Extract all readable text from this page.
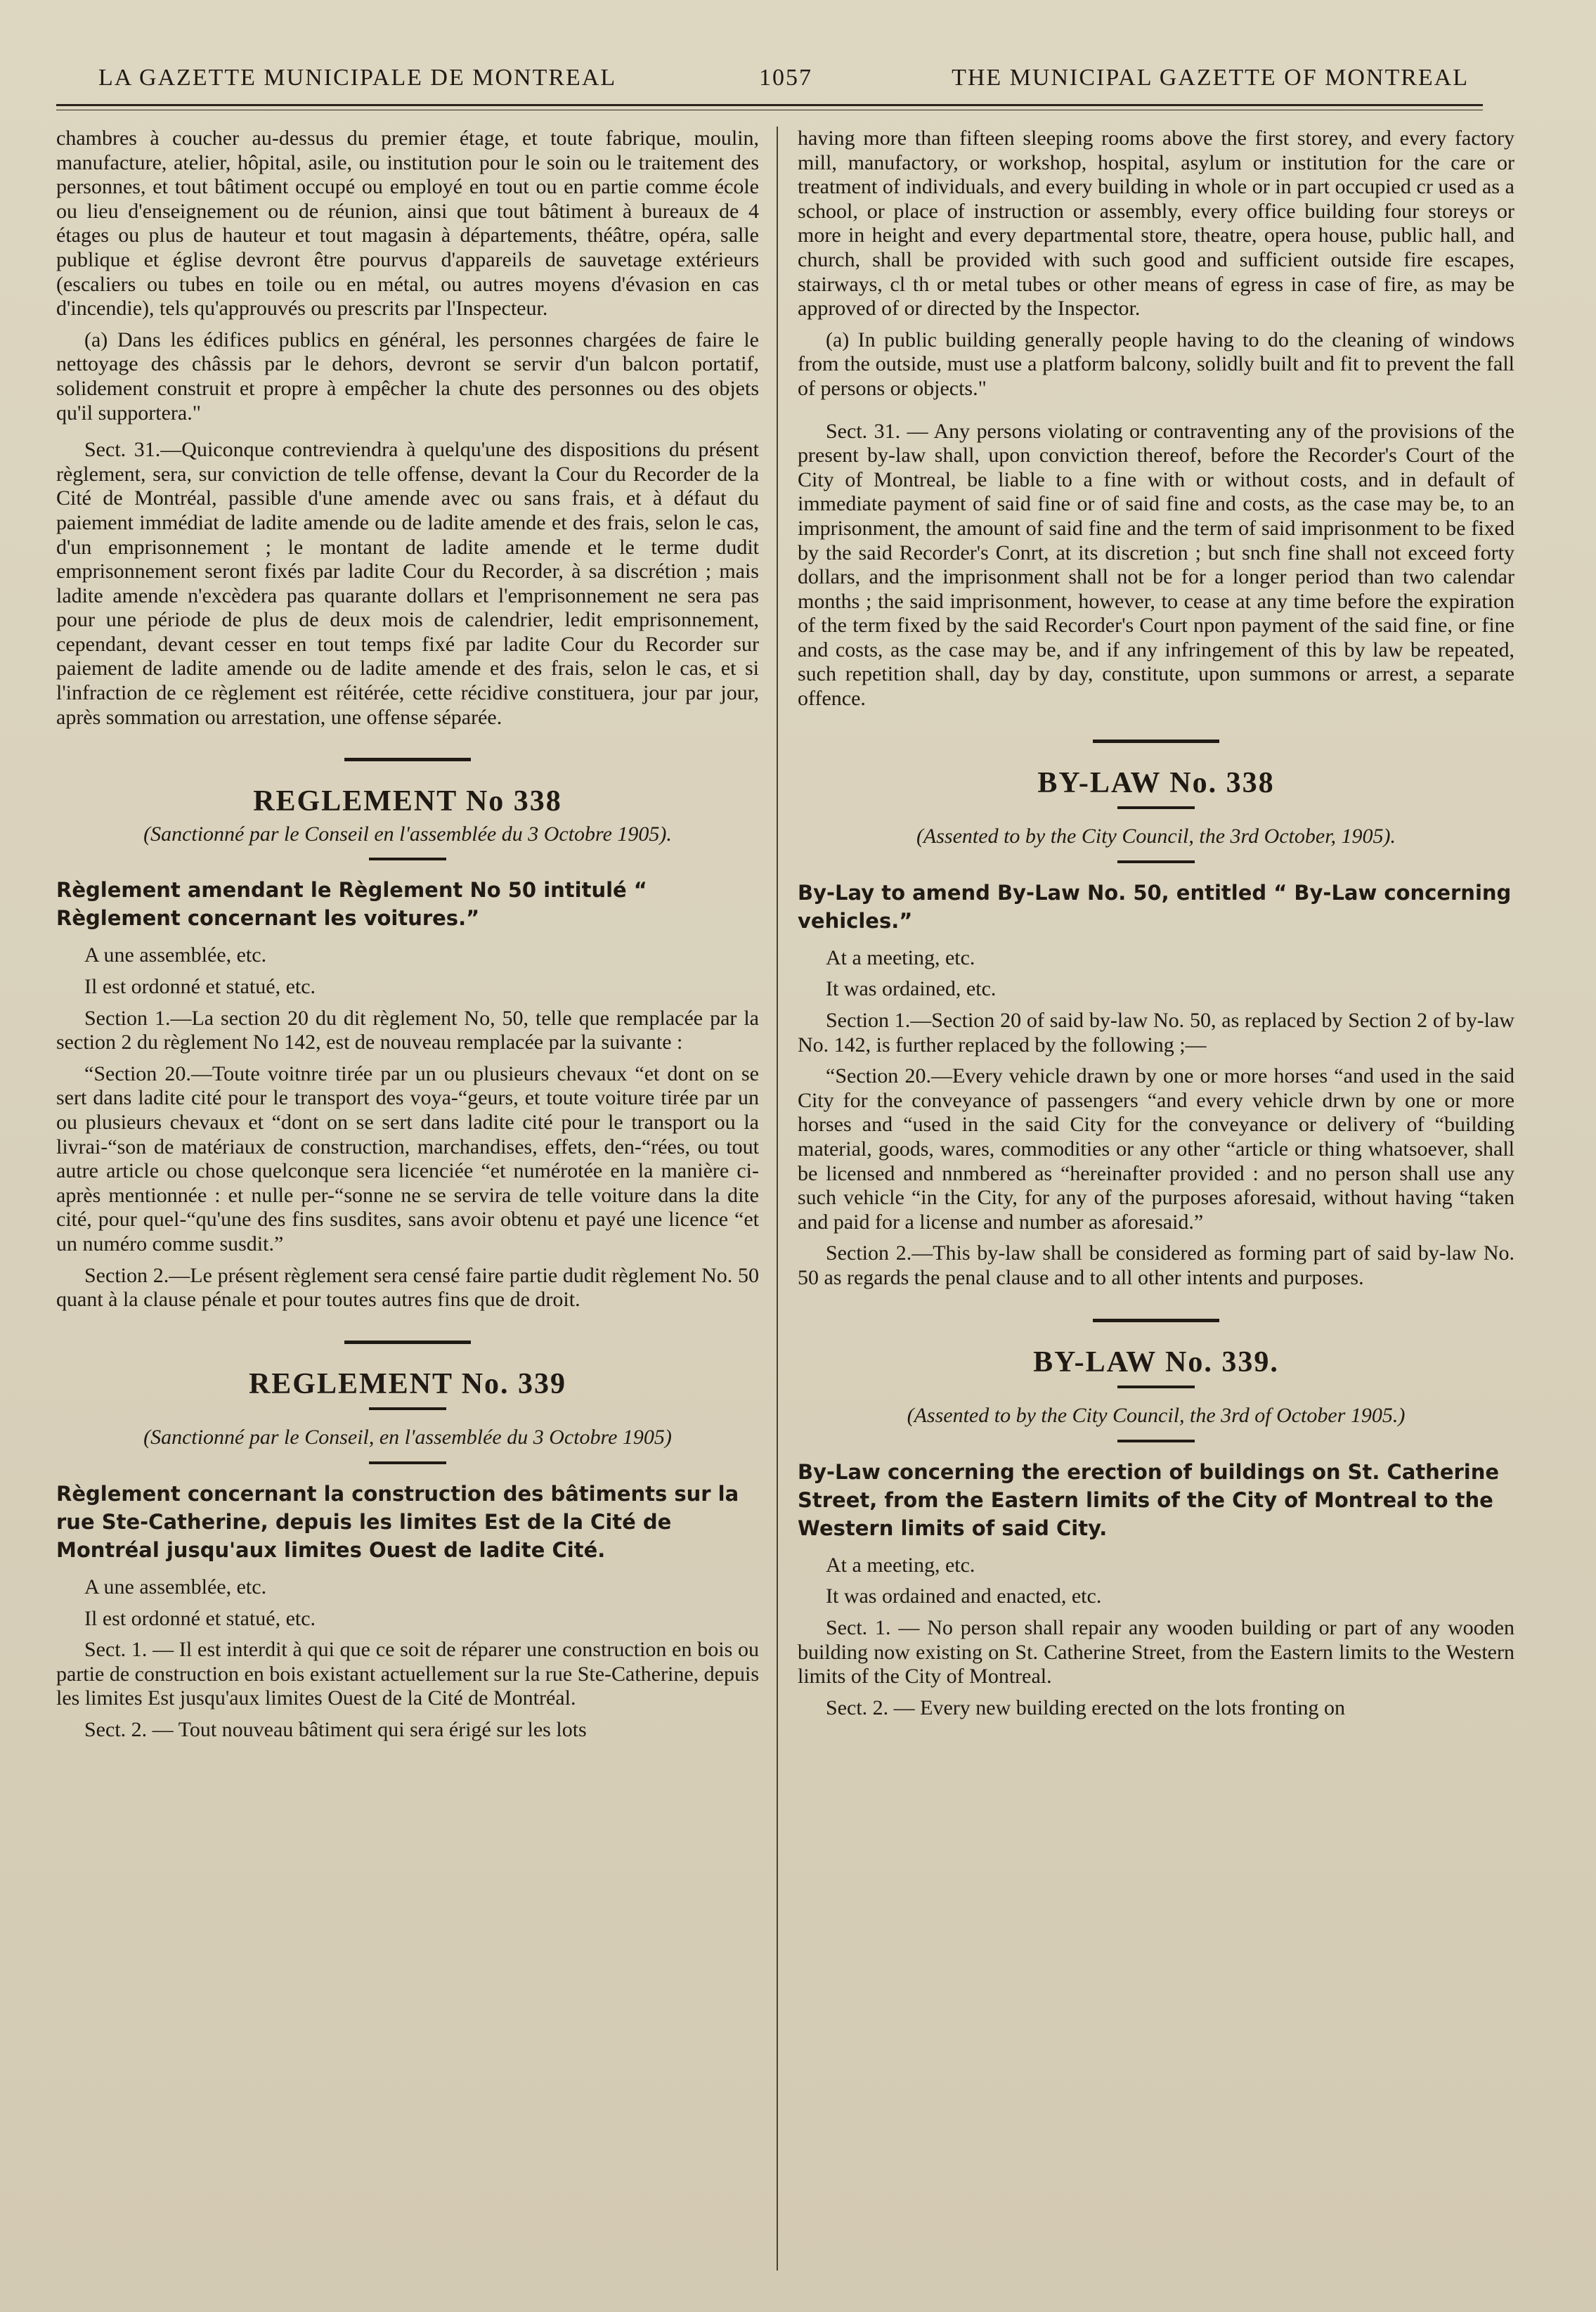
LA GAZETTE MUNICIPALE DE MONTREAL	1057	THE MUNICIPAL GAZETTE OF MONTREAL

chambres à coucher au-dessus du premier étage, et toute fabrique, moulin, manufacture, atelier, hôpital, asile, ou institution pour le soin ou le traitement des personnes, et tout bâtiment occupé ou employé en tout ou en partie comme école ou lieu d'enseignement ou de réunion, ainsi que tout bâtiment à bureaux de 4 étages ou plus de hauteur et tout magasin à départements, théâtre, opéra, salle publique et église devront être pourvus d'appareils de sauvetage extérieurs (escaliers ou tubes en toile ou en métal, ou autres moyens d'évasion en cas d'incendie), tels qu'approuvés ou prescrits par l'Inspecteur.

(a) Dans les édifices publics en général, les personnes chargées de faire le nettoyage des châssis par le dehors, devront se servir d'un balcon portatif, solidement construit et propre à empêcher la chute des personnes ou des objets qu'il supportera."

Sect. 31.—Quiconque contreviendra à quelqu'une des dispositions du présent règlement, sera, sur conviction de telle offense, devant la Cour du Recorder de la Cité de Montréal, passible d'une amende avec ou sans frais, et à défaut du paiement immédiat de ladite amende ou de ladite amende et des frais, selon le cas, d'un emprisonnement ; le montant de ladite amende et le terme dudit emprisonnement seront fixés par ladite Cour du Recorder, à sa discrétion ; mais ladite amende n'excèdera pas quarante dollars et l'emprisonnement ne sera pas pour une période de plus de deux mois de calendrier, ledit emprisonnement, cependant, devant cesser en tout temps fixé par ladite Cour du Recorder sur paiement de ladite amende ou de ladite amende et des frais, selon le cas, et si l'infraction de ce règlement est réitérée, cette récidive constituera, jour par jour, après sommation ou arrestation, une offense séparée.

REGLEMENT No 338
(Sanctionné par le Conseil en l'assemblée du 3 Octobre 1905).
Règlement amendant le Règlement No 50 intitulé “ Règlement concernant les voitures.”

A une assemblée, etc.

Il est ordonné et statué, etc.

Section 1.—La section 20 du dit règlement No, 50, telle que remplacée par la section 2 du règlement No 142, est de nouveau remplacée par la suivante :

“Section 20.—Toute voitnre tirée par un ou plusieurs chevaux “et dont on se sert dans ladite cité pour le transport des voya-“geurs, et toute voiture tirée par un ou plusieurs chevaux et “dont on se sert dans ladite cité pour le transport ou la livrai-“son de matériaux de construction, marchandises, effets, den-“rées, ou tout autre article ou chose quelconque sera licenciée “et numérotée en la manière ci-après mentionnée : et nulle per-“sonne ne se servira de telle voiture dans la dite cité, pour quel-“qu'une des fins susdites, sans avoir obtenu et payé une licence “et un numéro comme susdit.”

Section 2.—Le présent règlement sera censé faire partie dudit règlement No. 50 quant à la clause pénale et pour toutes autres fins que de droit.

REGLEMENT No. 339
(Sanctionné par le Conseil, en l'assemblée du 3 Octobre 1905)
Règlement concernant la construction des bâtiments sur la rue Ste-Catherine, depuis les limites Est de la Cité de Montréal jusqu'aux limites Ouest de ladite Cité.

A une assemblée, etc.

Il est ordonné et statué, etc.

Sect. 1. — Il est interdit à qui que ce soit de réparer une construction en bois ou partie de construction en bois existant actuellement sur la rue Ste-Catherine, depuis les limites Est jusqu'aux limites Ouest de la Cité de Montréal.

Sect. 2. — Tout nouveau bâtiment qui sera érigé sur les lots

having more than fifteen sleeping rooms above the first storey, and every factory mill, manufactory, or workshop, hospital, asylum or institution for the care or treatment of individuals, and every building in whole or in part occupied cr used as a school, or place of instruction or assembly, every office building four storeys or more in height and every departmental store, theatre, opera house, public hall, and church, shall be provided with such good and sufficient outside fire escapes, stairways, cl th or metal tubes or other means of egress in case of fire, as may be approved of or directed by the Inspector.

(a) In public building generally people having to do the cleaning of windows from the outside, must use a platform balcony, solidly built and fit to prevent the fall of persons or objects."

Sect. 31. — Any persons violating or contraventing any of the provisions of the present by-law shall, upon conviction thereof, before the Recorder's Court of the City of Montreal, be liable to a fine with or without costs, and in default of immediate payment of said fine or of said fine and costs, as the case may be, to an imprisonment, the amount of said fine and the term of said imprisonment to be fixed by the said Recorder's Conrt, at its discretion ; but snch fine shall not exceed forty dollars, and the imprisonment shall not be for a longer period than two calendar months ; the said imprisonment, however, to cease at any time before the expiration of the term fixed by the said Recorder's Court npon payment of the said fine, or fine and costs, as the case may be, and if any infringement of this by law be repeated, such repetition shall, day by day, constitute, upon summons or arrest, a separate offence.

BY-LAW No. 338
(Assented to by the City Council, the 3rd October, 1905).
By-Lay to amend By-Law No. 50, entitled “ By-Law concerning vehicles.”

At a meeting, etc.

It was ordained, etc.

Section 1.—Section 20 of said by-law No. 50, as replaced by Section 2 of by-law No. 142, is further replaced by the following ;—

“Section 20.—Every vehicle drawn by one or more horses “and used in the said City for the conveyance of passengers “and every vehicle drwn by one or more horses and “used in the said City for the conveyance or delivery of “building material, goods, wares, commodities or any other “article or thing whatsoever, shall be licensed and nnmbered as “hereinafter provided : and no person shall use any such vehicle “in the City, for any of the purposes aforesaid, without having “taken and paid for a license and number as aforesaid.”

Section 2.—This by-law shall be considered as forming part of said by-law No. 50 as regards the penal clause and to all other intents and purposes.

BY-LAW No. 339.
(Assented to by the City Council, the 3rd of October 1905.)
By-Law concerning the erection of buildings on St. Catherine Street, from the Eastern limits of the City of Montreal to the Western limits of said City.

At a meeting, etc.

It was ordained and enacted, etc.

Sect. 1. — No person shall repair any wooden building or part of any wooden building now existing on St. Catherine Street, from the Eastern limits to the Western limits of the City of Montreal.

Sect. 2. — Every new building erected on the lots fronting on
